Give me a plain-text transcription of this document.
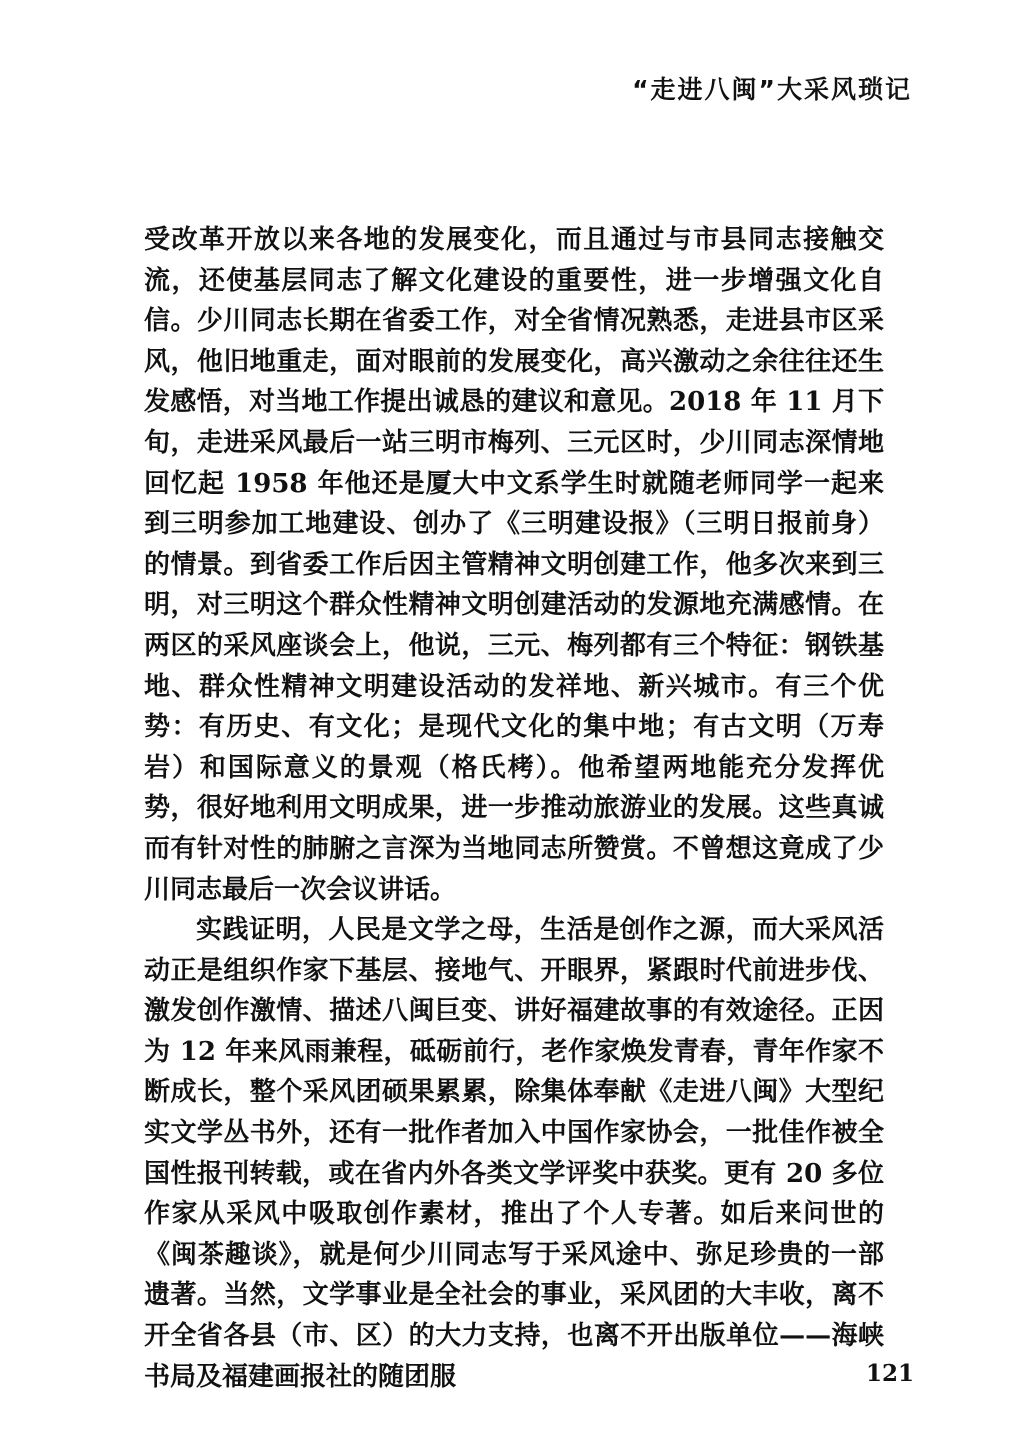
“走进八闽”大采风琐记

受改革开放以来各地的发展变化，而且通过与市县同志接触交流，还使基层同志了解文化建设的重要性，进一步增强文化自信。少川同志长期在省委工作，对全省情况熟悉，走进县市区采风，他旧地重走，面对眼前的发展变化，高兴激动之余往往还生发感悟，对当地工作提出诚恳的建议和意见。2018 年 11 月下旬，走进采风最后一站三明市梅列、三元区时，少川同志深情地回忆起 1958 年他还是厦大中文系学生时就随老师同学一起来到三明参加工地建设、创办了《三明建设报》（三明日报前身）的情景。到省委工作后因主管精神文明创建工作，他多次来到三明，对三明这个群众性精神文明创建活动的发源地充满感情。在两区的采风座谈会上，他说，三元、梅列都有三个特征：钢铁基地、群众性精神文明建设活动的发祥地、新兴城市。有三个优势：有历史、有文化；是现代文化的集中地；有古文明（万寿岩）和国际意义的景观（格氏栲）。他希望两地能充分发挥优势，很好地利用文明成果，进一步推动旅游业的发展。这些真诚而有针对性的肺腑之言深为当地同志所赞赏。不曾想这竟成了少川同志最后一次会议讲话。

实践证明，人民是文学之母，生活是创作之源，而大采风活动正是组织作家下基层、接地气、开眼界，紧跟时代前进步伐、激发创作激情、描述八闽巨变、讲好福建故事的有效途径。正因为 12 年来风雨兼程，砥砺前行，老作家焕发青春，青年作家不断成长，整个采风团硕果累累，除集体奉献《走进八闽》大型纪实文学丛书外，还有一批作者加入中国作家协会，一批佳作被全国性报刊转载，或在省内外各类文学评奖中获奖。更有 20 多位作家从采风中吸取创作素材，推出了个人专著。如后来问世的《闽茶趣谈》，就是何少川同志写于采风途中、弥足珍贵的一部遗著。当然，文学事业是全社会的事业，采风团的大丰收，离不开全省各县（市、区）的大力支持，也离不开出版单位——海峡书局及福建画报社的随团服	121
